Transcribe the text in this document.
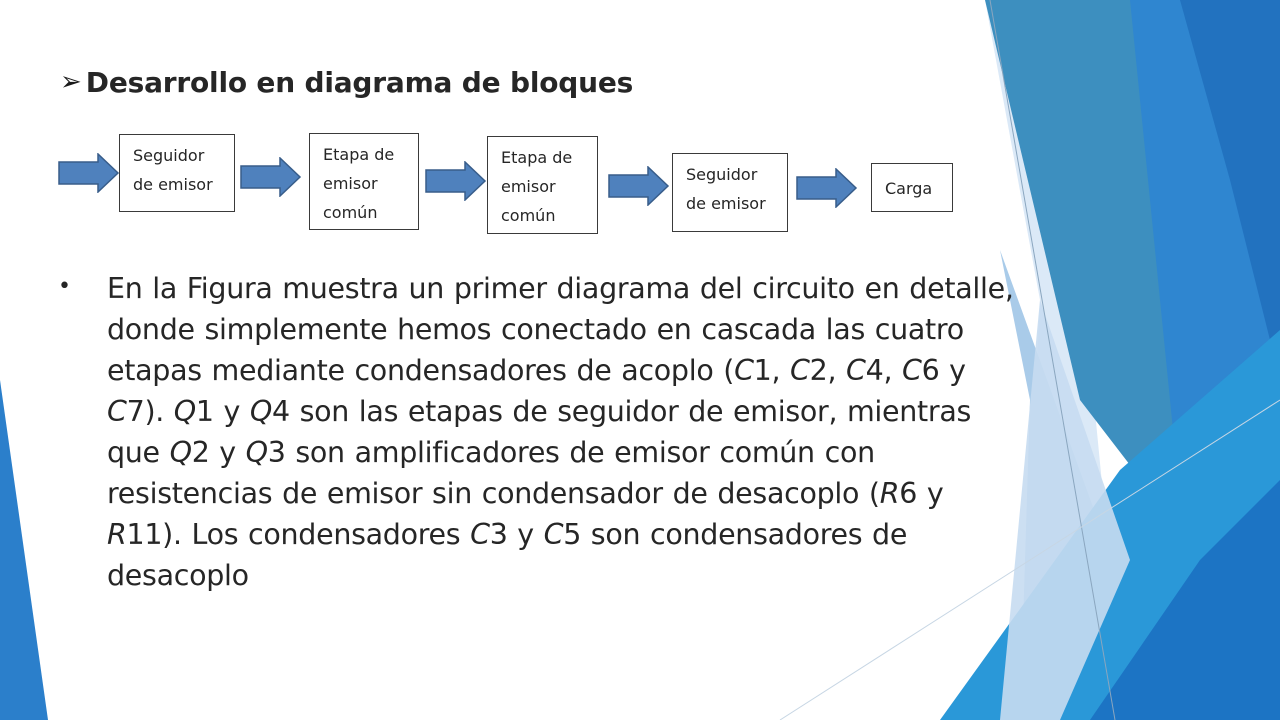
➢ Desarrollo en diagrama de bloques
Seguidor
de emisor
Etapa de
emisor
común
Etapa de
emisor
común
Seguidor
de emisor
Carga
• En la Figura muestra un primer diagrama del circuito en detalle, donde simplemente hemos conectado en cascada las cuatro etapas mediante condensadores de acoplo (C1, C2, C4, C6 y C7). Q1 y Q4 son las etapas de seguidor de emisor, mientras que Q2 y Q3 son amplificadores de emisor común con resistencias de emisor sin condensador de desacoplo (R6 y R11). Los condensadores C3 y C5 son condensadores de desacoplo
